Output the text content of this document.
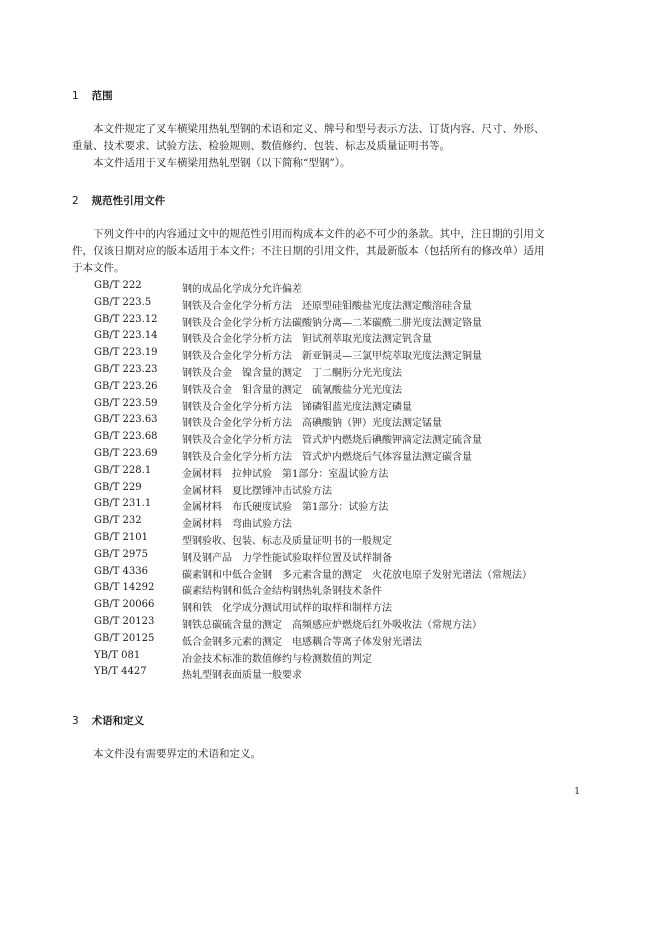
1 范围
本文件规定了叉车横梁用热轧型钢的术语和定义、牌号和型号表示方法、订货内容、尺寸、外形、
重量、技术要求、试验方法、检验规则、数值修约、包装、标志及质量证明书等。
本文件适用于叉车横梁用热轧型钢（以下简称“型钢”）。
2 规范性引用文件
下列文件中的内容通过文中的规范性引用而构成本文件的必不可少的条款。其中，注日期的引用文
件，仅该日期对应的版本适用于本文件；不注日期的引用文件，其最新版本（包括所有的修改单）适用
于本文件。
GB/T 222	钢的成品化学成分允许偏差
GB/T 223.5	钢铁及合金化学分析方法　还原型硅钼酸盐光度法测定酸溶硅含量
GB/T 223.12 钢铁及合金化学分析方法碳酸钠分离—二苯碳酰二肼光度法测定铬量
GB/T 223.14 钢铁及合金化学分析方法　钽试剂萃取光度法测定钒含量
GB/T 223.19 钢铁及合金化学分析方法　新亚铜灵—三氯甲烷萃取光度法测定铜量
GB/T 223.23 钢铁及合金　镍含量的测定　丁二酮肟分光光度法
GB/T 223.26 钢铁及合金　钼含量的测定　硫氰酸盐分光光度法
GB/T 223.59 钢铁及合金化学分析方法　锑磷钼蓝光度法测定磷量
GB/T 223.63 钢铁及合金化学分析方法　高碘酸钠（钾）光度法测定锰量
GB/T 223.68 钢铁及合金化学分析方法　管式炉内燃烧后碘酸钾滴定法测定硫含量
GB/T 223.69 钢铁及合金化学分析方法　管式炉内燃烧后气体容量法测定碳含量
GB/T 228.1	金属材料　拉伸试验　第1部分：室温试验方法
GB/T 229	金属材料　夏比摆锤冲击试验方法
GB/T 231.1	金属材料　布氏硬度试验　第1部分：试验方法
GB/T 232	金属材料　弯曲试验方法
GB/T 2101	型钢验收、包装、标志及质量证明书的一般规定
GB/T 2975	钢及钢产品　力学性能试验取样位置及试样制备
GB/T 4336	碳素钢和中低合金钢　多元素含量的测定　火花放电原子发射光谱法（常规法）
GB/T 14292	碳素结构钢和低合金结构钢热轧条钢技术条件
GB/T 20066	钢和铁　化学成分测试用试样的取样和制样方法
GB/T 20123	钢铁总碳硫含量的测定　高频感应炉燃烧后红外吸收法（常规方法）
GB/T 20125	低合金钢多元素的测定　电感耦合等离子体发射光谱法
YB/T 081	冶金技术标准的数值修约与检测数值的判定
YB/T 4427	热轧型钢表面质量一般要求
3 术语和定义
本文件没有需要界定的术语和定义。
1
